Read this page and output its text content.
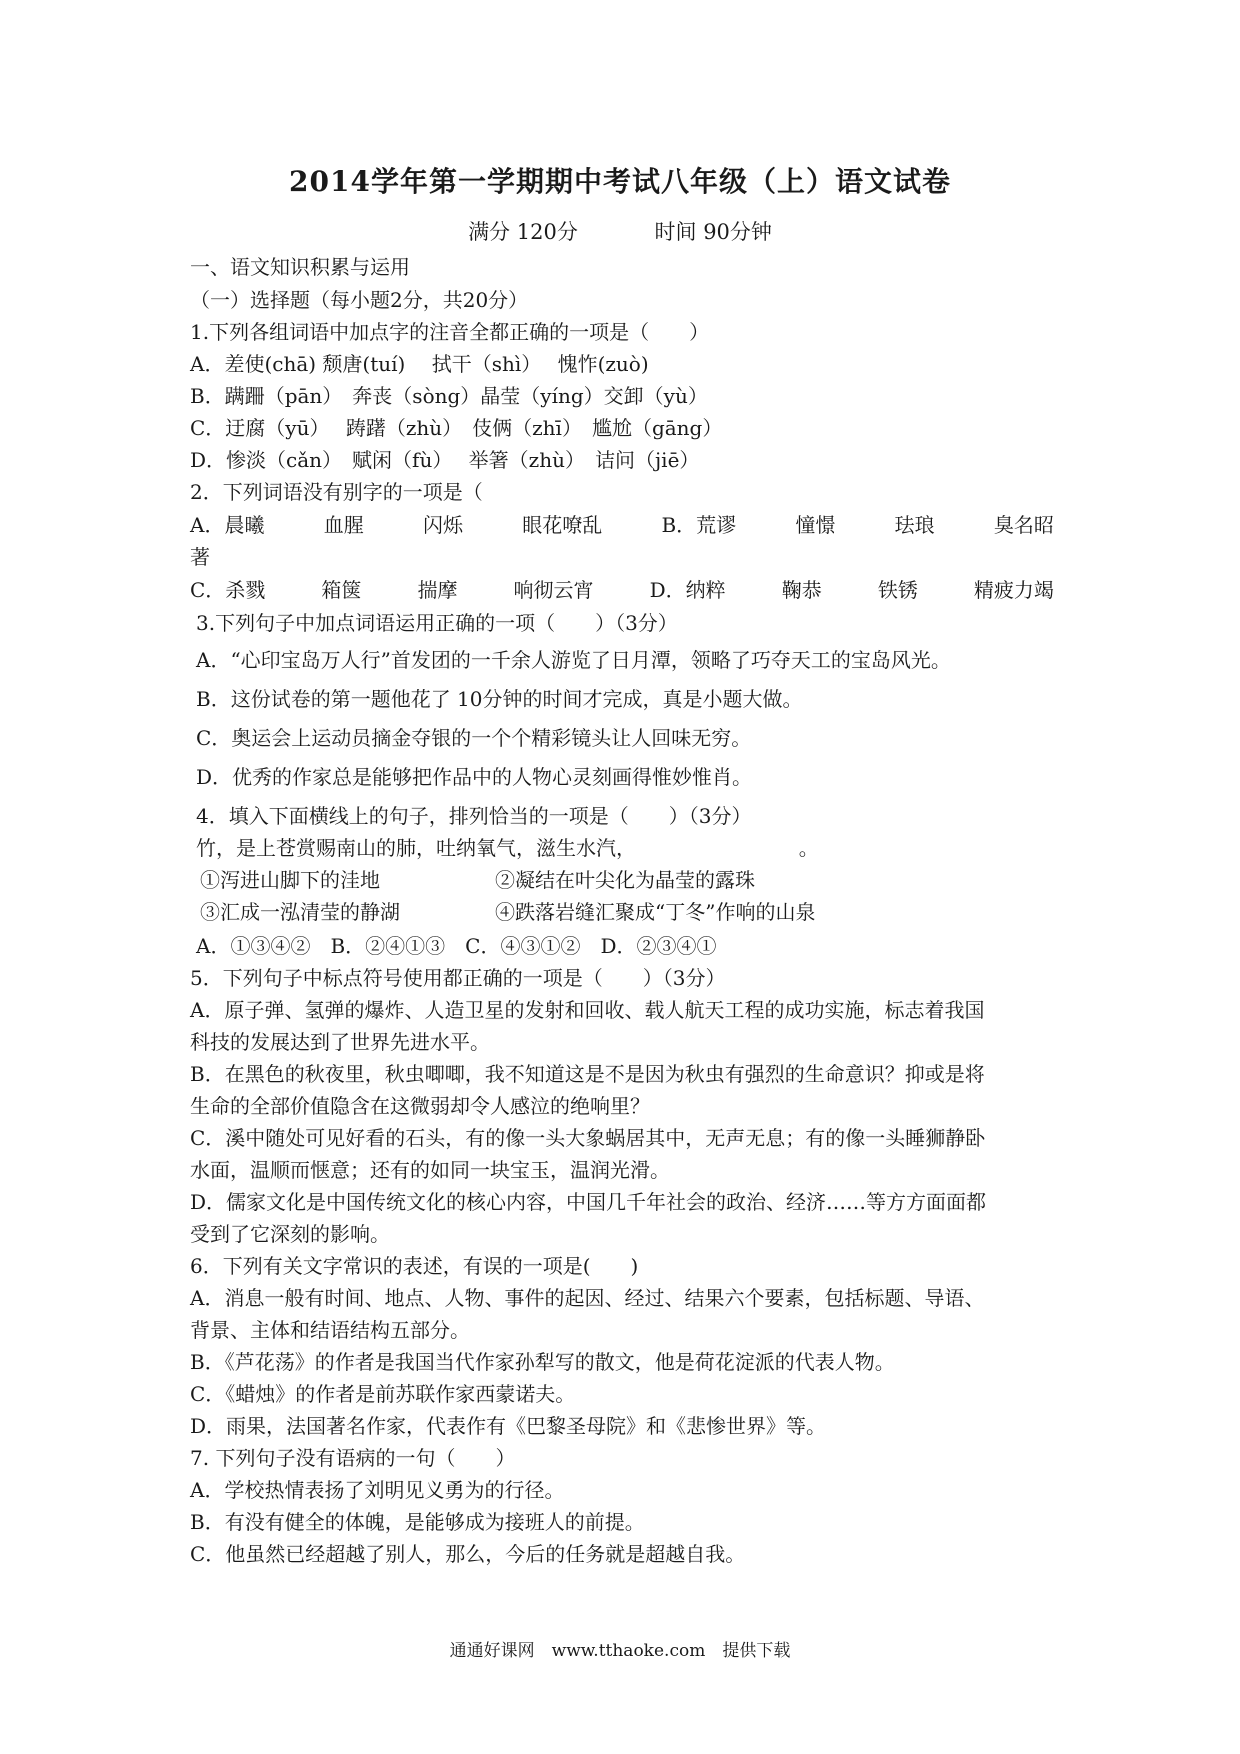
2014学年第一学期期中考试八年级（上）语文试卷
满分 120分	时间 90分钟
一、语文知识积累与运用
（一）选择题（每小题2分，共20分）
1.下列各组词语中加点字的注音全都正确的一项是（　　）
A．差使(chā) 颓唐(tuí)　 拭干（shì）　 愧怍(zuò)
B．蹒跚（pān）　奔丧（sòng）晶莹（yíng）交卸（yù）
C．迂腐（yū）　 踌躇（zhù）　伎俩（zhī）　尴尬（gāng）
D．惨淡（cǎn）　赋闲（fù）　 举箸（zhù）　诘问（jiē）
2．下列词语没有别字的一项是（
A．晨曦	血腥	闪烁	眼花嘹乱	B．荒谬	憧憬	珐琅	臭名昭
著
C．杀戮	箱箧	揣摩	响彻云宵	D．纳粹	鞠恭	铁锈	精疲力竭
3.下列句子中加点词语运用正确的一项（　　）（3分）
A．“心印宝岛万人行”首发团的一千余人游览了日月潭，领略了巧夺天工的宝岛风光。
B．这份试卷的第一题他花了 10分钟的时间才完成，真是小题大做。
C．奥运会上运动员摘金夺银的一个个精彩镜头让人回味无穷。
D．优秀的作家总是能够把作品中的人物心灵刻画得惟妙惟肖。
4．填入下面横线上的句子，排列恰当的一项是（　　）（3分）
竹，是上苍赏赐南山的肺，吐纳氧气，滋生水汽，	。
①泻进山脚下的洼地	②凝结在叶尖化为晶莹的露珠
③汇成一泓清莹的静湖	④跌落岩缝汇聚成“丁冬”作响的山泉
A．①③④②　B．②④①③　C．④③①②　D．②③④①
5．下列句子中标点符号使用都正确的一项是（　　）（3分）
A．原子弹、氢弹的爆炸、人造卫星的发射和回收、载人航天工程的成功实施，标志着我国
科技的发展达到了世界先进水平。
B．在黑色的秋夜里，秋虫唧唧，我不知道这是不是因为秋虫有强烈的生命意识？抑或是将
生命的全部价值隐含在这微弱却令人感泣的绝响里？
C．溪中随处可见好看的石头，有的像一头大象蜗居其中，无声无息；有的像一头睡狮静卧
水面，温顺而惬意；还有的如同一块宝玉，温润光滑。
D．儒家文化是中国传统文化的核心内容，中国几千年社会的政治、经济……等方方面面都
受到了它深刻的影响。
6．下列有关文字常识的表述，有误的一项是(　　)
A．消息一般有时间、地点、人物、事件的起因、经过、结果六个要素，包括标题、导语、
背景、主体和结语结构五部分。
B．《芦花荡》的作者是我国当代作家孙犁写的散文，他是荷花淀派的代表人物。
C．《蜡烛》的作者是前苏联作家西蒙诺夫。
D．雨果，法国著名作家，代表作有《巴黎圣母院》和《悲惨世界》等。
7. 下列句子没有语病的一句（　　）
A．学校热情表扬了刘明见义勇为的行径。
B．有没有健全的体魄，是能够成为接班人的前提。
C．他虽然已经超越了别人，那么，今后的任务就是超越自我。
通通好课网　www.tthaoke.com　提供下载
